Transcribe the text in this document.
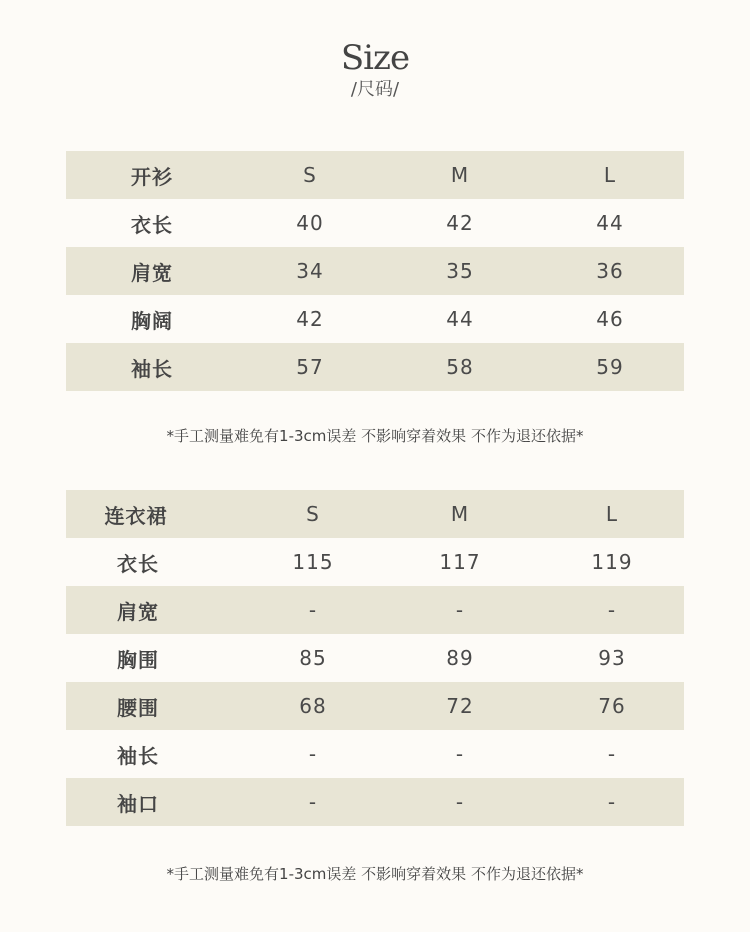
Size
/尺码/
开衫	S	M	L
衣长	40	42	44
肩宽	34	35	36
胸阔	42	44	46
袖长	57	58	59
*手工测量难免有1-3cm误差 不影响穿着效果 不作为退还依据*
连衣裙	S	M	L
衣长	115	117	119
肩宽	-	-	-
胸围	85	89	93
腰围	68	72	76
袖长	-	-	-
袖口	-	-	-
*手工测量难免有1-3cm误差 不影响穿着效果 不作为退还依据*
